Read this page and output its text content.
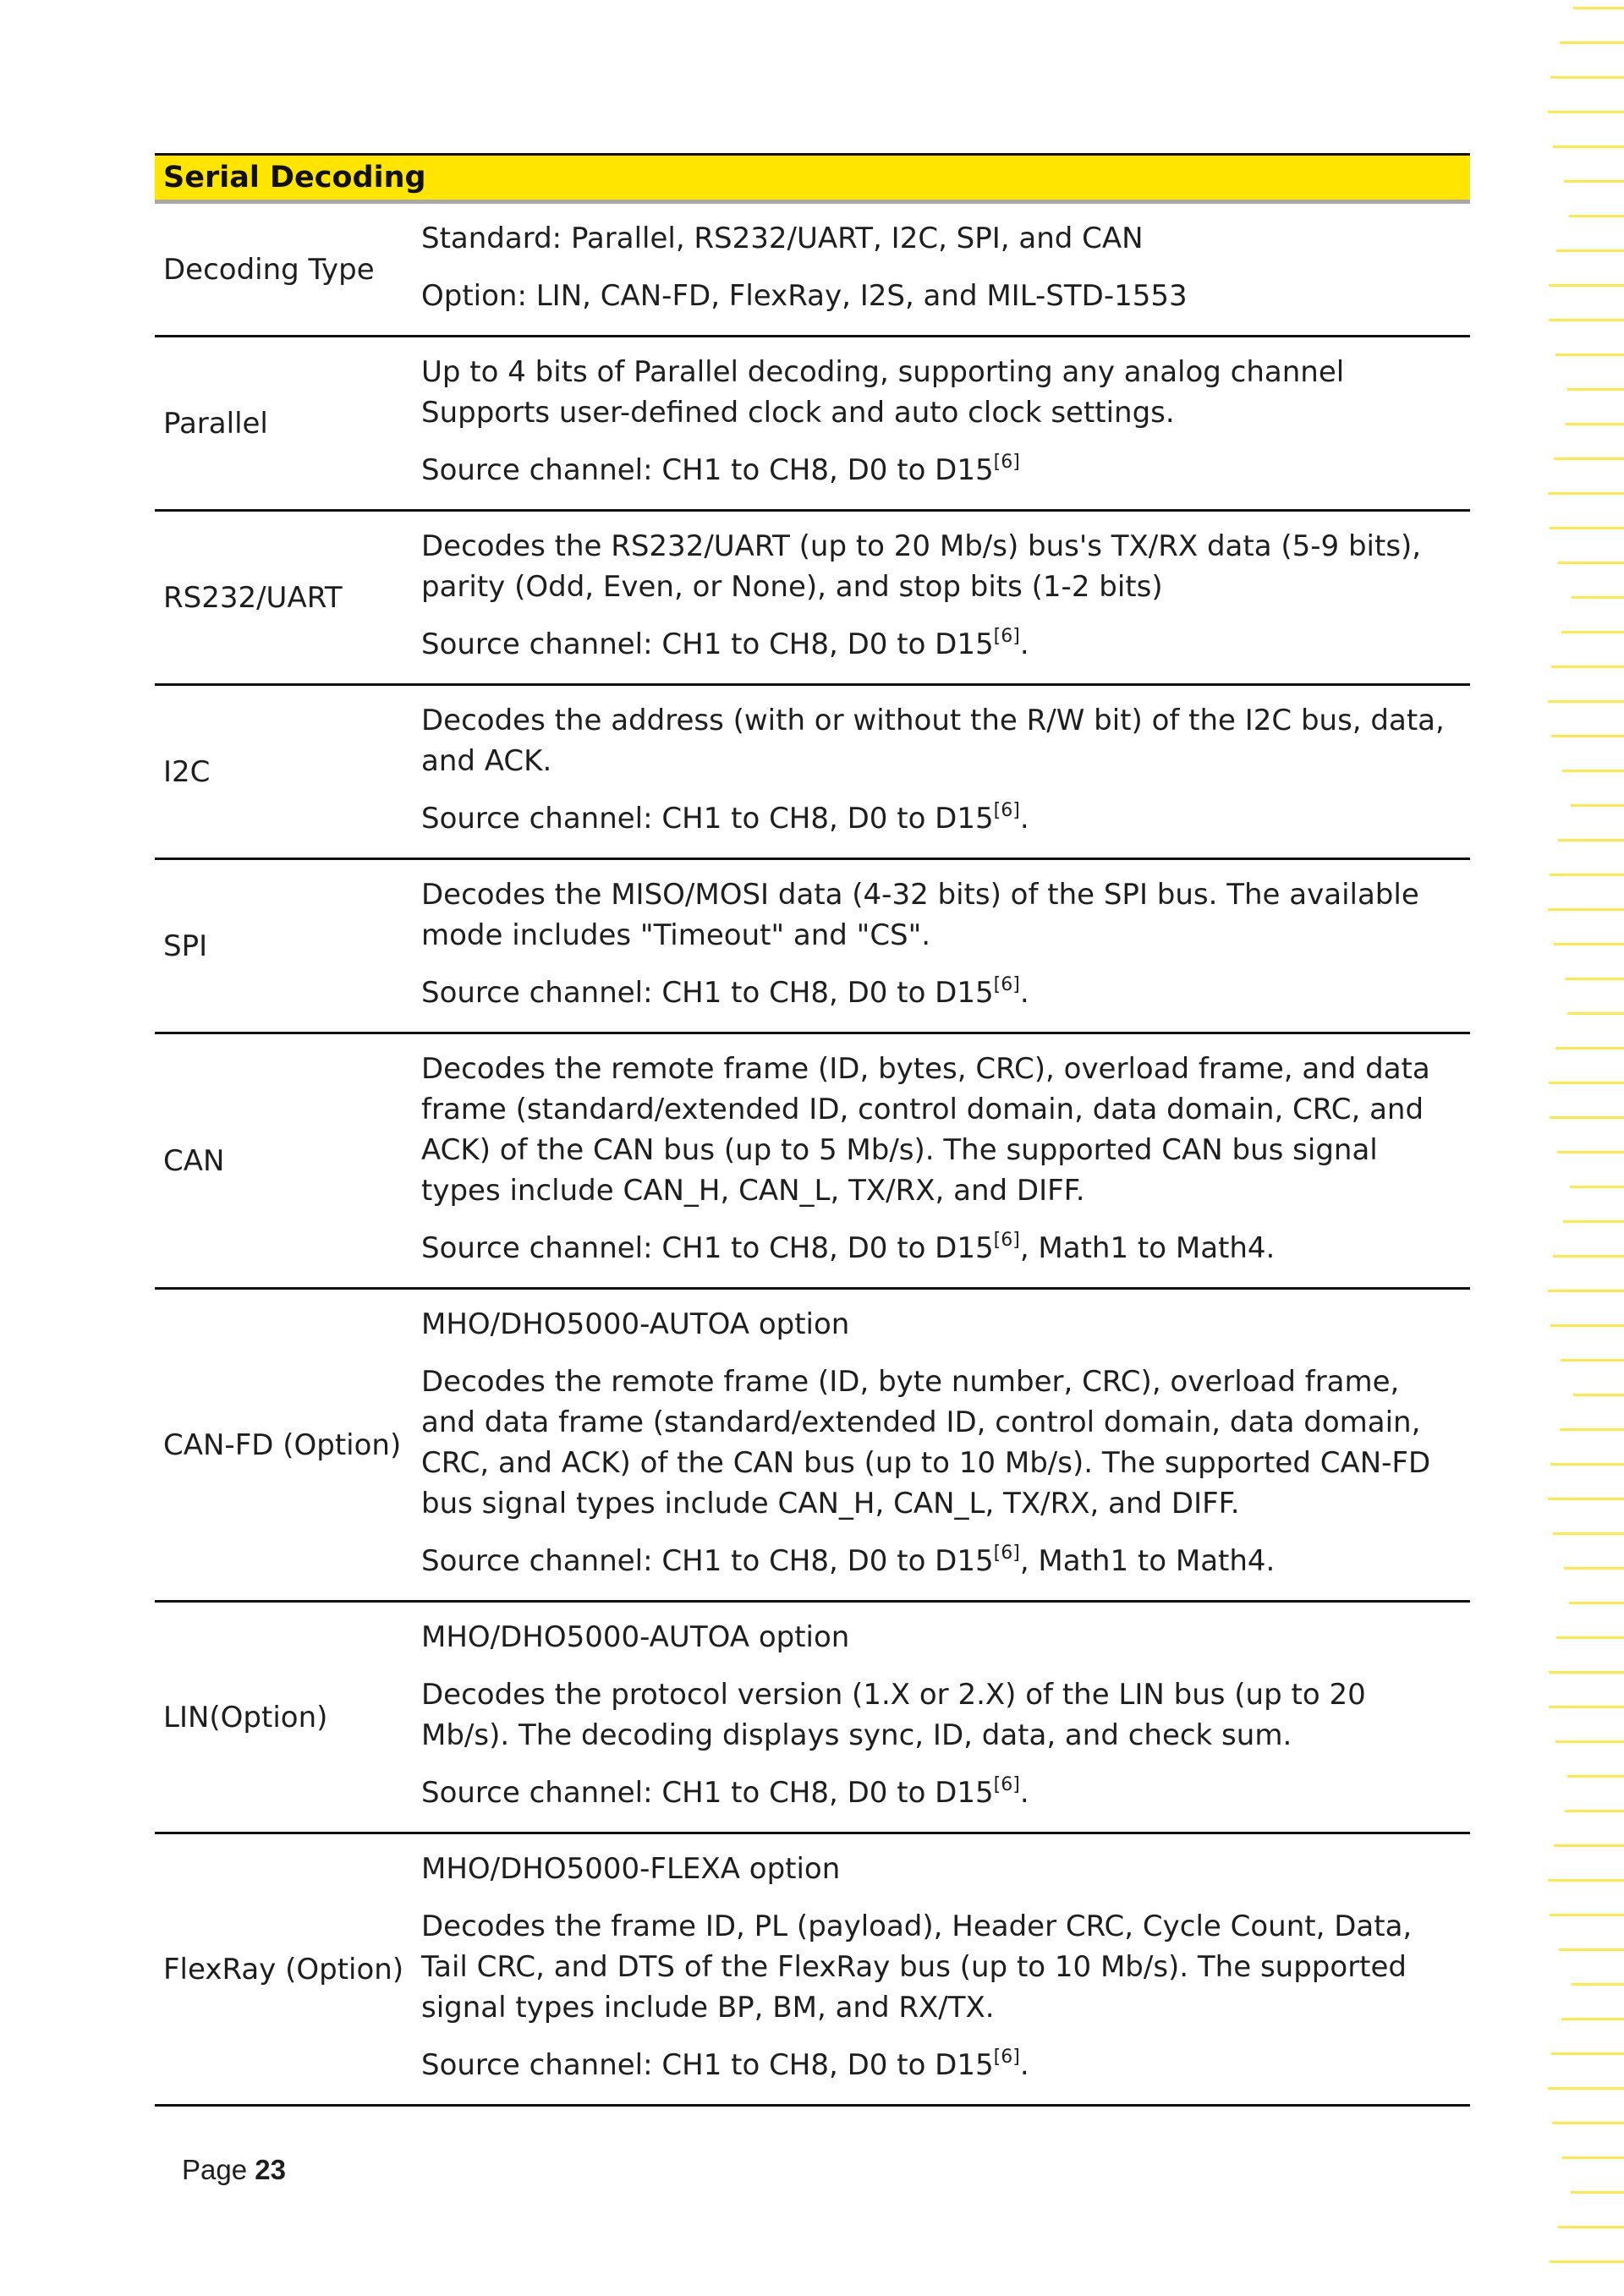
Serial Decoding	
Decoding Type	Standard: Parallel, RS232/UART, I2C, SPI, and CAN

Option: LIN, CAN-FD, FlexRay, I2S, and MIL-STD-1553

Parallel	Up to 4 bits of Parallel decoding, supporting any analog channel Supports user-defined clock and auto clock settings.

Source channel: CH1 to CH8, D0 to D15[6]

RS232/UART	Decodes the RS232/UART (up to 20 Mb/s) bus's TX/RX data (5-9 bits), parity (Odd, Even, or None), and stop bits (1-2 bits)

Source channel: CH1 to CH8, D0 to D15[6].

I2C	Decodes the address (with or without the R/W bit) of the I2C bus, data, and ACK.

Source channel: CH1 to CH8, D0 to D15[6].

SPI	Decodes the MISO/MOSI data (4-32 bits) of the SPI bus. The available mode includes "Timeout" and "CS".

Source channel: CH1 to CH8, D0 to D15[6].

CAN	Decodes the remote frame (ID, bytes, CRC), overload frame, and data frame (standard/extended ID, control domain, data domain, CRC, and ACK) of the CAN bus (up to 5 Mb/s). The supported CAN bus signal types include CAN_H, CAN_L, TX/RX, and DIFF.

Source channel: CH1 to CH8, D0 to D15[6], Math1 to Math4.

CAN-FD (Option)	MHO/DHO5000-AUTOA option

Decodes the remote frame (ID, byte number, CRC), overload frame, and data frame (standard/extended ID, control domain, data domain, CRC, and ACK) of the CAN bus (up to 10 Mb/s). The supported CAN-FD bus signal types include CAN_H, CAN_L, TX/RX, and DIFF.

Source channel: CH1 to CH8, D0 to D15[6], Math1 to Math4.

LIN(Option)	MHO/DHO5000-AUTOA option

Decodes the protocol version (1.X or 2.X) of the LIN bus (up to 20 Mb/s). The decoding displays sync, ID, data, and check sum.

Source channel: CH1 to CH8, D0 to D15[6].

FlexRay (Option)	MHO/DHO5000-FLEXA option

Decodes the frame ID, PL (payload), Header CRC, Cycle Count, Data, Tail CRC, and DTS of the FlexRay bus (up to 10 Mb/s). The supported signal types include BP, BM, and RX/TX.

Source channel: CH1 to CH8, D0 to D15[6].

Page 23
